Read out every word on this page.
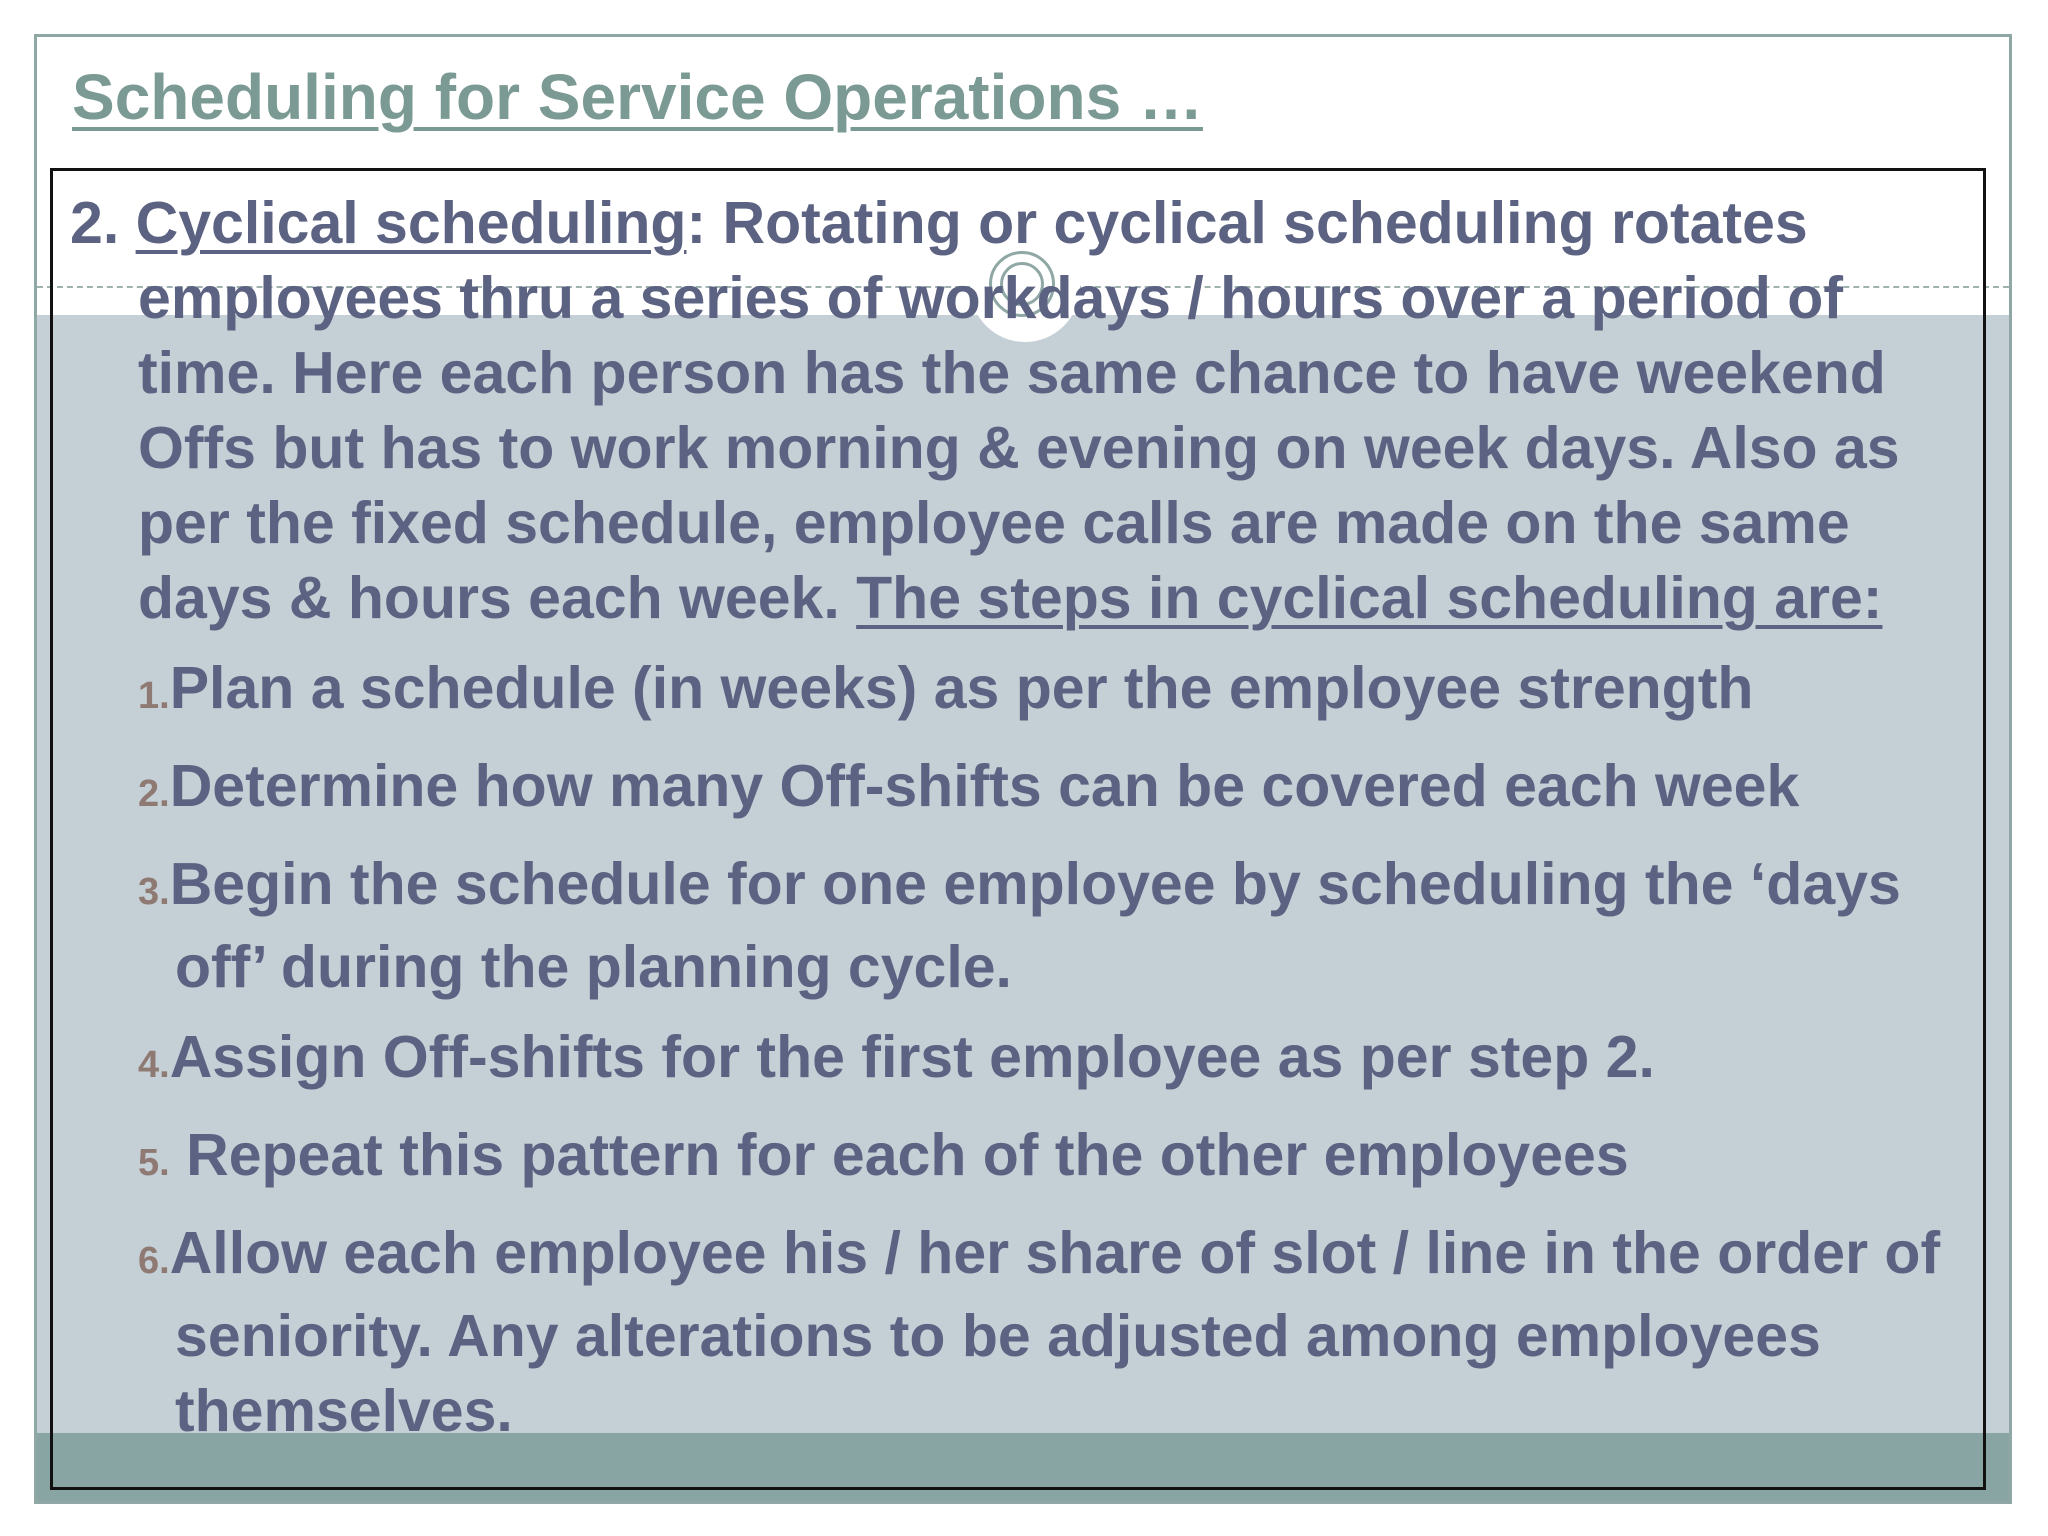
Scheduling for Service Operations …

2. Cyclical scheduling: Rotating or cyclical scheduling rotates employees thru a series of workdays / hours over a period of time. Here each person has the same chance to have weekend Offs but has to work morning & evening on week days. Also as per the fixed schedule, employee calls are made on the same days & hours each week. The steps in cyclical scheduling are:

1.Plan a schedule (in weeks) as per the employee strength
2.Determine how many Off-shifts can be covered each week
3.Begin the schedule for one employee by scheduling the ‘days off’ during the planning cycle.
4.Assign Off-shifts for the first employee as per step 2.
5. Repeat this pattern for each of the other employees
6.Allow each employee his / her share of slot / line in the order of seniority. Any alterations to be adjusted among employees themselves.
